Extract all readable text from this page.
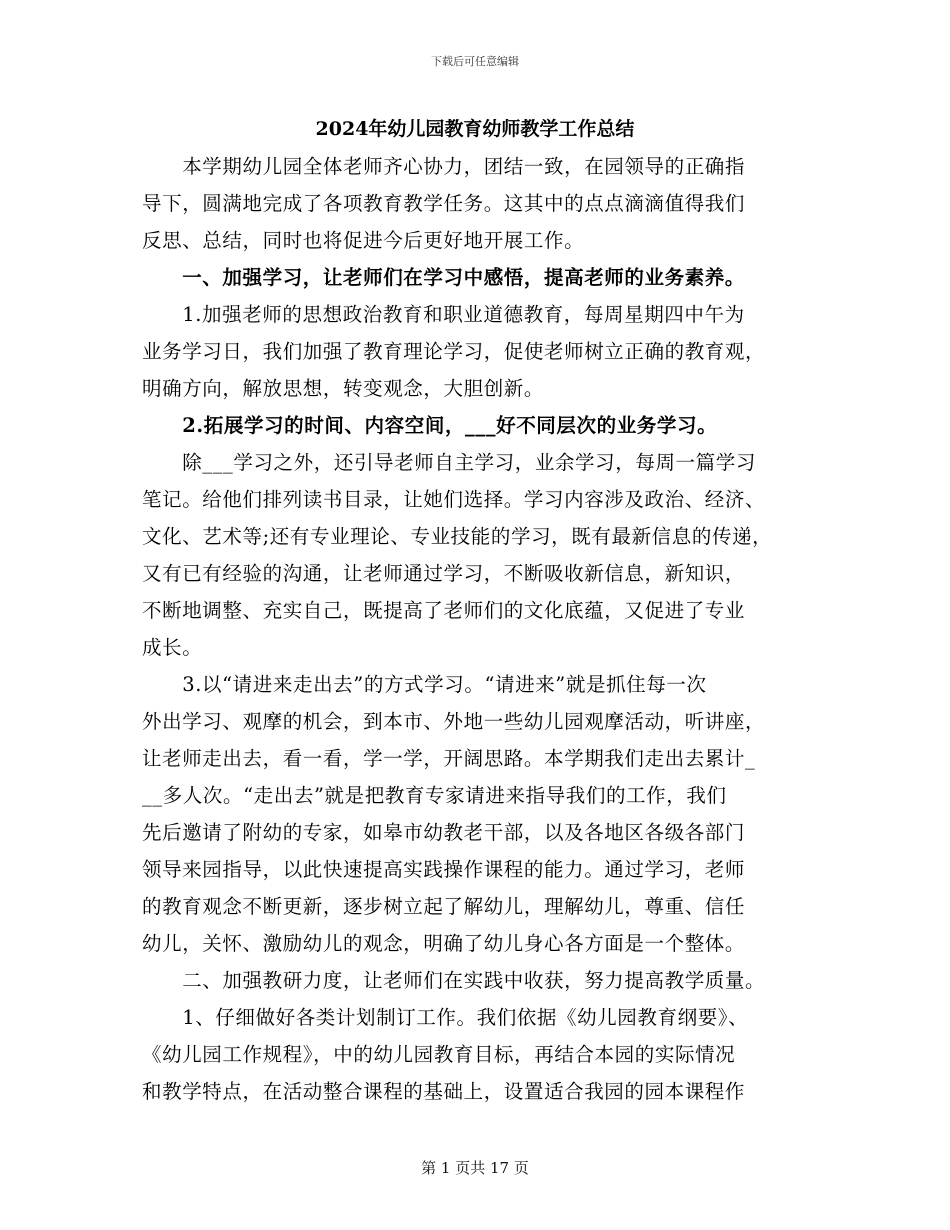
下载后可任意编辑
2024年幼儿园教育幼师教学工作总结
　　本学期幼儿园全体老师齐心协力，团结一致，在园领导的正确指
导下，圆满地完成了各项教育教学任务。这其中的点点滴滴值得我们
反思、总结，同时也将促进今后更好地开展工作。
　　一、加强学习，让老师们在学习中感悟，提高老师的业务素养。
　　1.加强老师的思想政治教育和职业道德教育，每周星期四中午为
业务学习日，我们加强了教育理论学习，促使老师树立正确的教育观，
明确方向，解放思想，转变观念，大胆创新。
　　2.拓展学习的时间、内容空间，___好不同层次的业务学习。
　　除___学习之外，还引导老师自主学习，业余学习，每周一篇学习
笔记。给他们排列读书目录，让她们选择。学习内容涉及政治、经济、
文化、艺术等;还有专业理论、专业技能的学习，既有最新信息的传递，
又有已有经验的沟通，让老师通过学习，不断吸收新信息，新知识，
不断地调整、充实自己，既提高了老师们的文化底蕴，又促进了专业
成长。
　　3.以“请进来走出去”的方式学习。“请进来”就是抓住每一次
外出学习、观摩的机会，到本市、外地一些幼儿园观摩活动，听讲座，
让老师走出去，看一看，学一学，开阔思路。本学期我们走出去累计_
__多人次。“走出去”就是把教育专家请进来指导我们的工作，我们
先后邀请了附幼的专家，如皋市幼教老干部，以及各地区各级各部门
领导来园指导，以此快速提高实践操作课程的能力。通过学习，老师
的教育观念不断更新，逐步树立起了解幼儿，理解幼儿，尊重、信任
幼儿，关怀、激励幼儿的观念，明确了幼儿身心各方面是一个整体。
　　二、加强教研力度，让老师们在实践中收获，努力提高教学质量。
　　1、仔细做好各类计划制订工作。我们依据《幼儿园教育纲要》、
《幼儿园工作规程》，中的幼儿园教育目标，再结合本园的实际情况
和教学特点，在活动整合课程的基础上，设置适合我园的园本课程作
第 1 页共 17 页
